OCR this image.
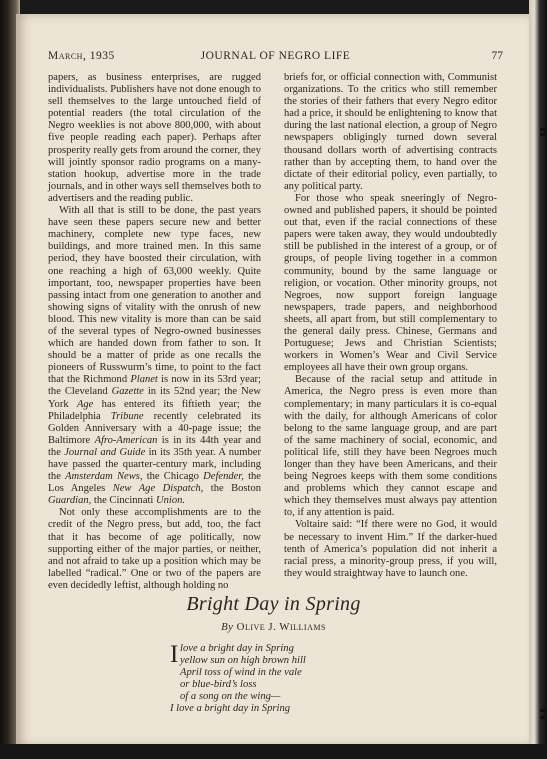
March, 1935	JOURNAL OF NEGRO LIFE	77

papers, as business enterprises, are rugged individualists. Publishers have not done enough to sell themselves to the large untouched field of potential readers (the total circulation of the Negro weeklies is not above 800,000, with about five people reading each paper). Perhaps after prosperity really gets from around the corner, they will jointly sponsor radio programs on a many-station hookup, advertise more in the trade journals, and in other ways sell themselves both to advertisers and the reading public.

With all that is still to be done, the past years have seen these papers secure new and better machinery, complete new type faces, new buildings, and more trained men. In this same period, they have boosted their circulation, with one reaching a high of 63,000 weekly. Quite important, too, newspaper properties have been passing intact from one generation to another and showing signs of vitality with the onrush of new blood. This new vitality is more than can be said of the several types of Negro-owned businesses which are handed down from father to son. It should be a matter of pride as one recalls the pioneers of Russwurm’s time, to point to the fact that the Richmond Planet is now in its 53rd year; the Cleveland Gazette in its 52nd year; the New York Age has entered its fiftieth year; the Philadelphia Tribune recently celebrated its Golden Anniversary with a 40-page issue; the Baltimore Afro-American is in its 44th year and the Journal and Guide in its 35th year. A number have passed the quarter-century mark, including the Amsterdam News, the Chicago Defender, the Los Angeles New Age Dispatch, the Boston Guardian, the Cincinnati Union.

Not only these accomplishments are to the credit of the Negro press, but add, too, the fact that it has become of age politically, now supporting either of the major parties, or neither, and not afraid to take up a position which may be labelled “radical.” One or two of the papers are even decidedly leftist, although holding no

briefs for, or official connection with, Communist organizations. To the critics who still remember the stories of their fathers that every Negro editor had a price, it should be enlightening to know that during the last national election, a group of Negro newspapers obligingly turned down several thousand dollars worth of advertising contracts rather than by accepting them, to hand over the dictate of their editorial policy, even partially, to any political party.

For those who speak sneeringly of Negro-owned and published papers, it should be pointed out that, even if the racial connections of these papers were taken away, they would undoubtedly still be published in the interest of a group, or of groups, of people living together in a common community, bound by the same language or religion, or vocation. Other minority groups, not Negroes, now support foreign language newspapers, trade papers, and neighborhood sheets, all apart from, but still complementary to the general daily press. Chinese, Germans and Portuguese; Jews and Christian Scientists; workers in Women’s Wear and Civil Service employees all have their own group organs.

Because of the racial setup and attitude in America, the Negro press is even more than complementary; in many particulars it is co-equal with the daily, for although Americans of color belong to the same language group, and are part of the same machinery of social, economic, and political life, still they have been Negroes much longer than they have been Americans, and their being Negroes keeps with them some conditions and problems which they cannot escape and which they themselves must always pay attention to, if any attention is paid.

Voltaire said: “If there were no God, it would be necessary to invent Him.” If the darker-hued tenth of America’s population did not inherit a racial press, a minority-group press, if you will, they would straightway have to launch one.

Bright Day in Spring
By Olive J. Williams
I love a bright day in Spring
yellow sun on high brown hill
April toss of wind in the vale
or blue-bird’s loss
of a song on the wing—
I love a bright day in Spring
